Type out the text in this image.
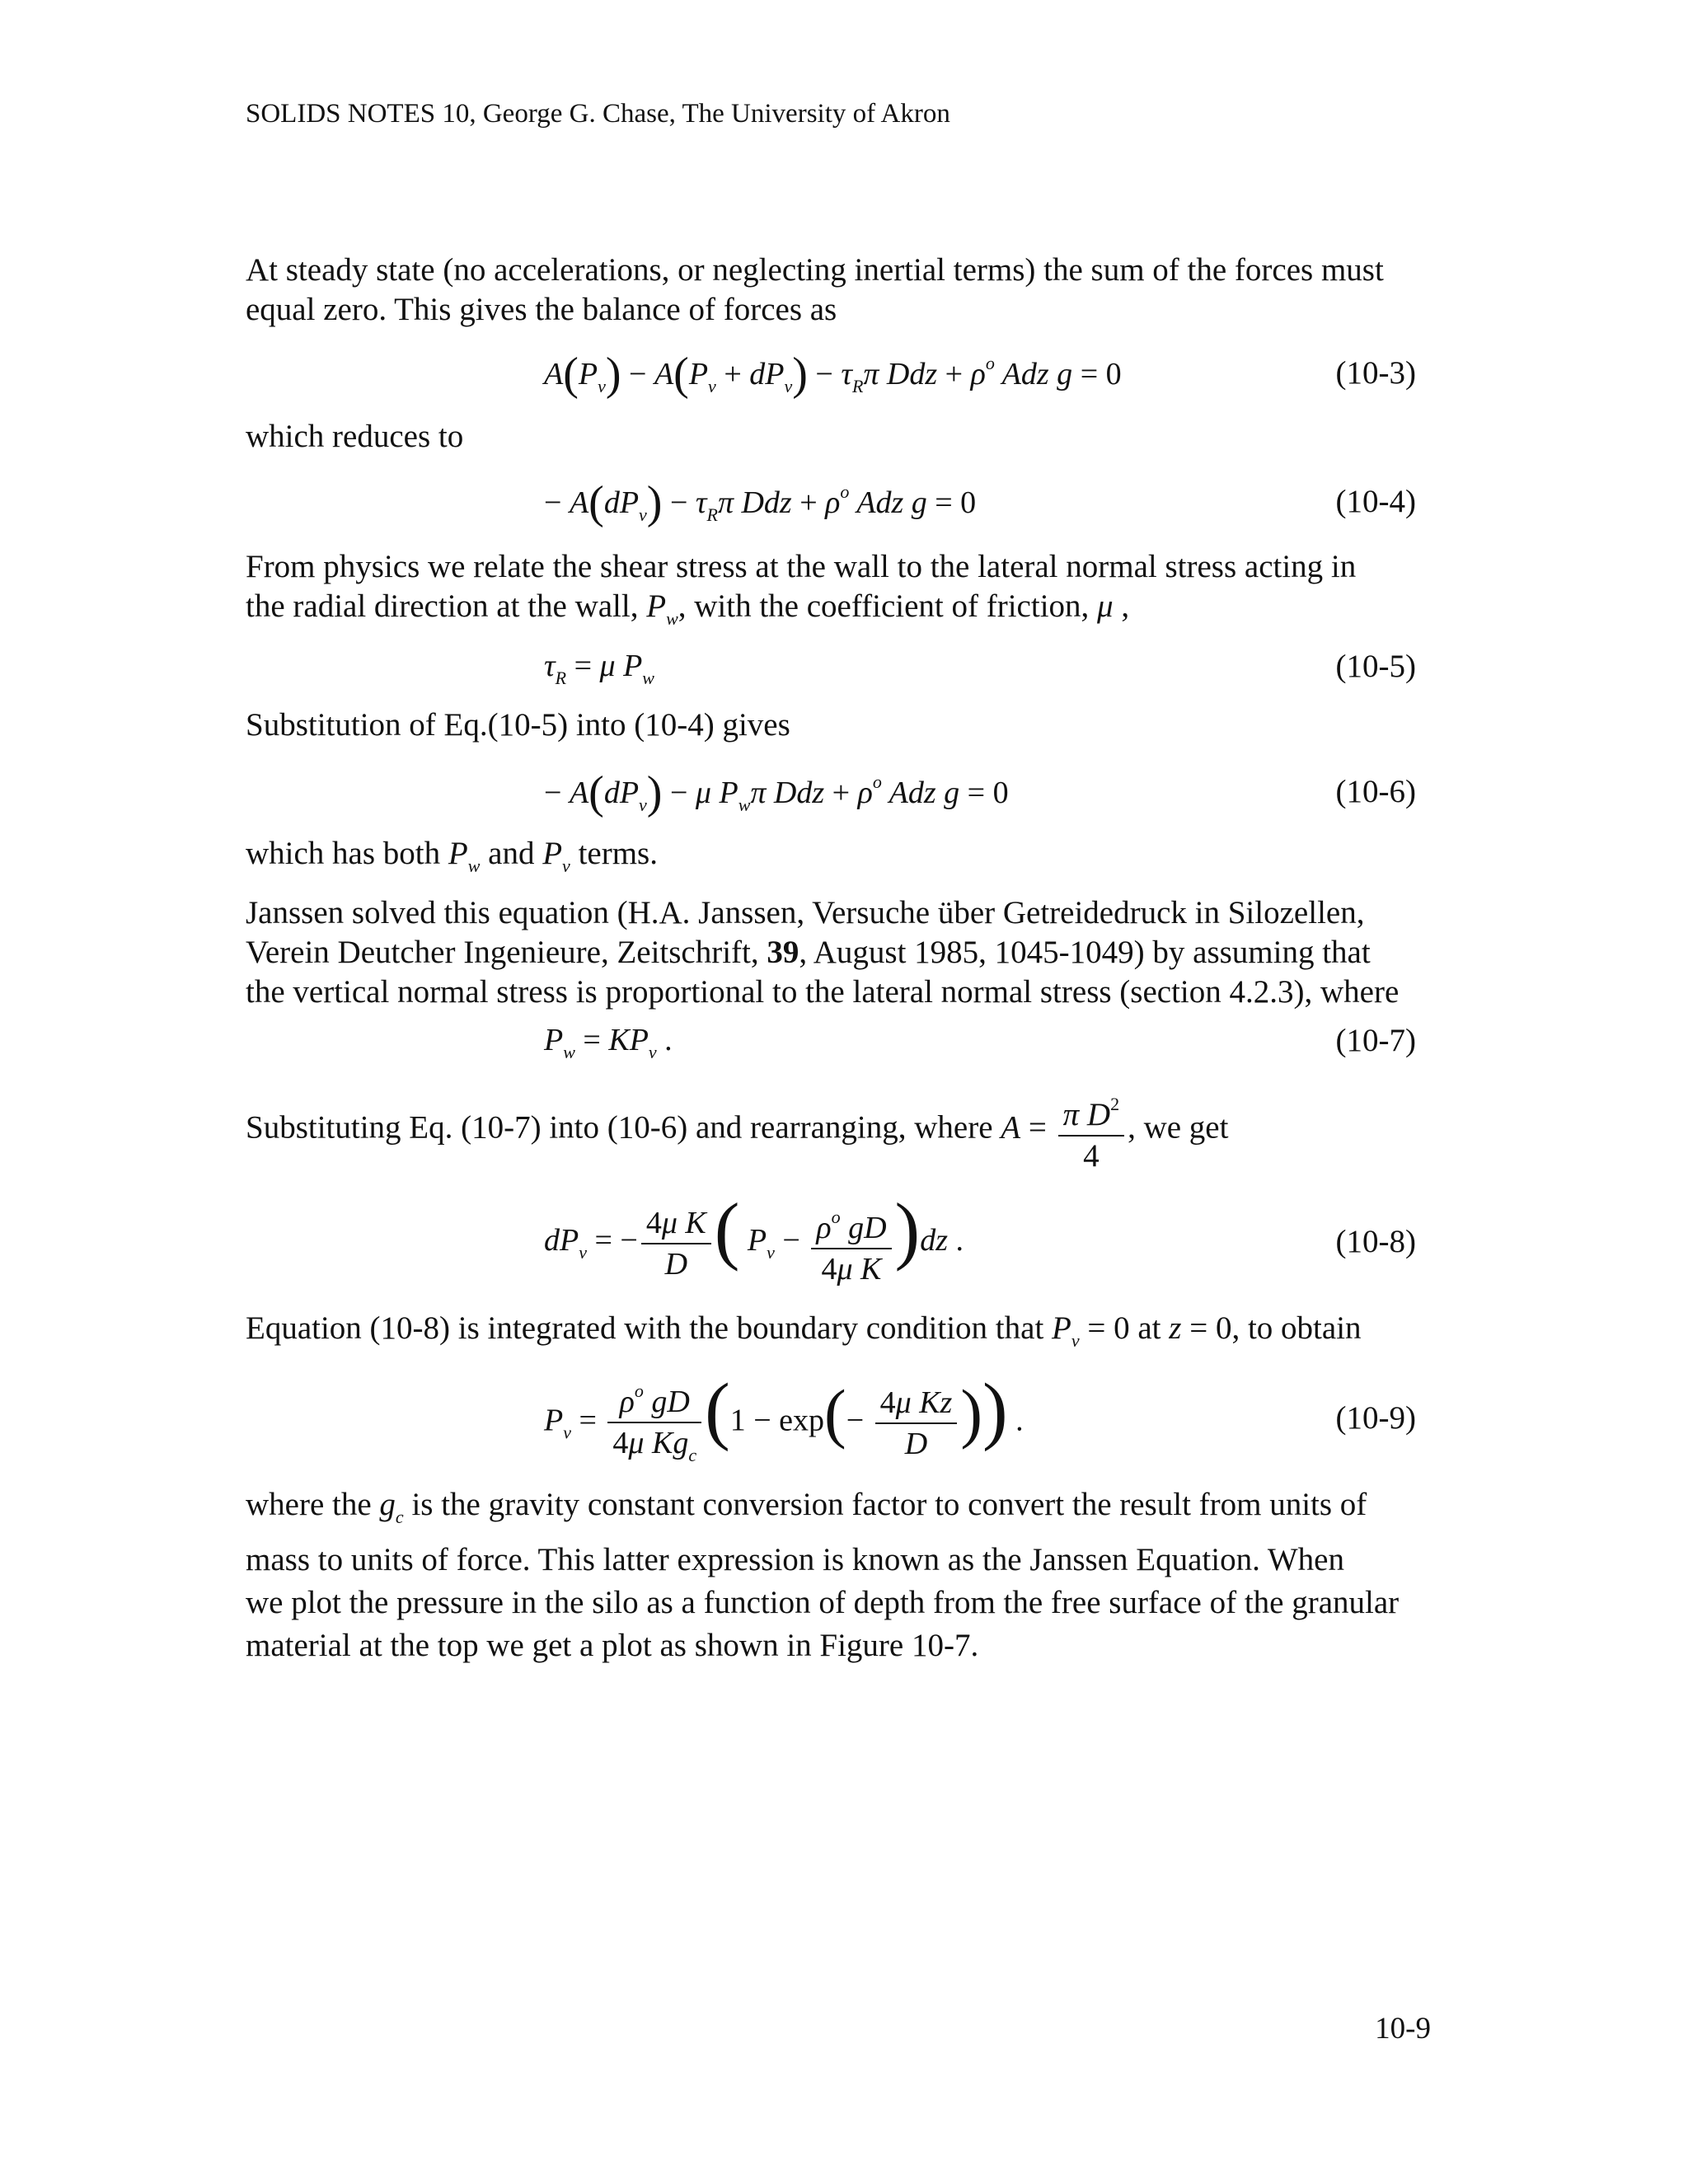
SOLIDS NOTES 10, George G. Chase, The University of Akron
At steady state (no accelerations, or neglecting inertial terms) the sum of the forces must
equal zero. This gives the balance of forces as
$A(P_v) - A(P_v + dP_v) - \tau_R\pi$ Ddz + $\rho^o$ Adz g = 0	(10-3)
which reduces to
− $A(dP_v) - \tau_R\pi$ Ddz + $\rho^o$ Adz g = 0	(10-4)
From physics we relate the shear stress at the wall to the lateral normal stress acting in
the radial direction at the wall, $P_w$, with the coefficient of friction, μ ,
$\tau_R = \mu$ $P_w$	(10-5)
Substitution of Eq.(10-5) into (10-4) gives
− $A(dP_v) - \mu$ $P_w\pi$ Ddz + $\rho^o$ Adz g = 0	(10-6)
which has both $P_w$ and $P_v$ terms.
Janssen solved this equation (H.A. Janssen, Versuche über Getreidedruck in Silozellen,
Verein Deutcher Ingenieure, Zeitschrift, 39, August 1985, 1045-1049) by assuming that
the vertical normal stress is proportional to the lateral normal stress (section 4.2.3), where
$P_w = KP_v$ .	(10-7)
Substituting Eq. (10-7) into (10-6) and rearranging, where $A = \frac{\pi D^2}{4}$ , we get
$dP_v$ = − $\frac{\text{4μ K}}{D}$ ( $P_v - \frac{\rho^o gD}{\text{4μ K}} )dz$ .	(10-8)
Equation (10-8) is integrated with the boundary condition that $P_v = 0$ at z = 0, to obtain
$P_v = \frac{\rho^o gD}{4\mu Kg_c} (1 - \exp(- \frac{\text{4μ Kz}}{D}$ )) .	(10-9)
where the $g_c$ is the gravity constant conversion factor to convert the result from units of
mass to units of force. This latter expression is known as the Janssen Equation. When
we plot the pressure in the silo as a function of depth from the free surface of the granular
material at the top we get a plot as shown in Figure 10-7.
10-9
